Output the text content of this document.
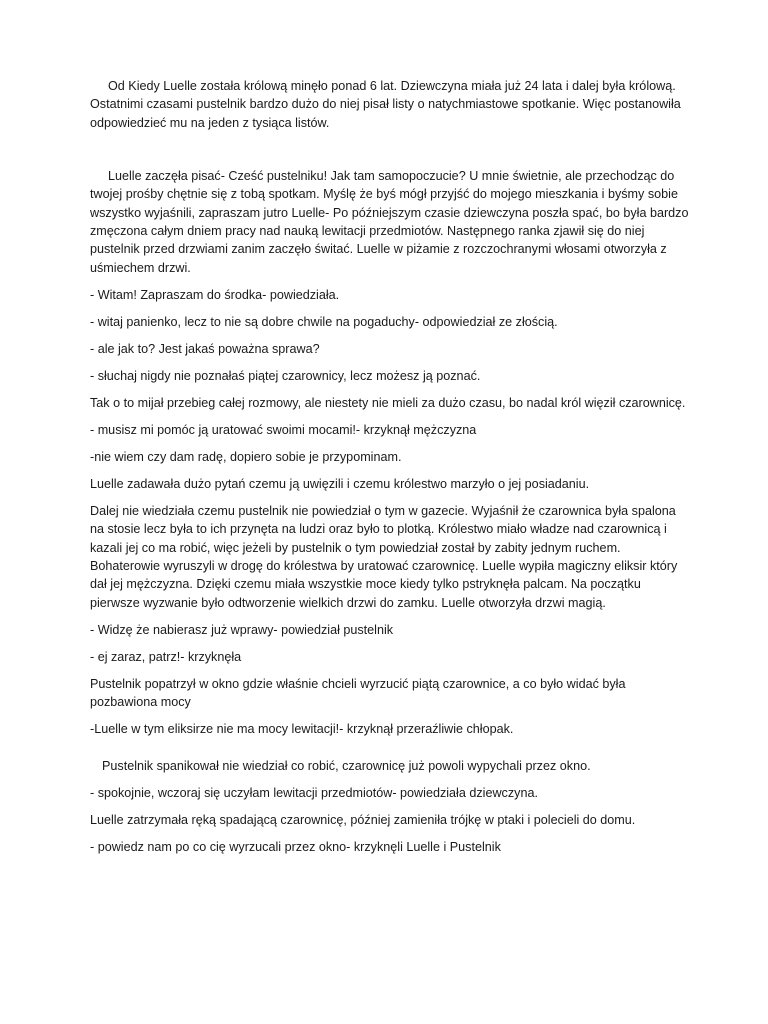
Od Kiedy Luelle została królową minęło ponad 6 lat. Dziewczyna miała już 24 lata i dalej była królową. Ostatnimi czasami pustelnik bardzo dużo do niej pisał listy o natychmiastowe spotkanie. Więc postanowiła odpowiedzieć mu na jeden z tysiąca listów.

Luelle zaczęła pisać- Cześć pustelniku! Jak tam samopoczucie? U mnie świetnie, ale przechodząc do twojej prośby chętnie się z tobą spotkam. Myślę że byś mógł przyjść do mojego mieszkania i byśmy sobie wszystko wyjaśnili, zapraszam jutro Luelle- Po późniejszym czasie dziewczyna poszła spać, bo była bardzo zmęczona całym dniem pracy nad nauką lewitacji przedmiotów. Następnego ranka zjawił się do niej pustelnik przed drzwiami zanim zaczęło świtać. Luelle w piżamie z rozczochranymi włosami otworzyła z uśmiechem drzwi.

- Witam! Zapraszam do środka- powiedziała.

- witaj panienko, lecz to nie są dobre chwile na pogaduchy- odpowiedział ze złością.

- ale jak to? Jest jakaś poważna sprawa?

- słuchaj nigdy nie poznałaś piątej czarownicy, lecz możesz ją poznać.

Tak o to mijał przebieg całej rozmowy, ale niestety nie mieli za dużo czasu, bo nadal król więził czarownicę.

- musisz mi pomóc ją uratować swoimi mocami!- krzyknął mężczyzna

-nie wiem czy dam radę, dopiero sobie je przypominam.

Luelle zadawała dużo pytań czemu ją uwięzili i czemu królestwo marzyło o jej posiadaniu.

Dalej nie wiedziała czemu pustelnik nie powiedział o tym w gazecie. Wyjaśnił że czarownica była spalona na stosie lecz była to ich przynęta na ludzi oraz było to plotką. Królestwo miało władze nad czarownicą i kazali jej co ma robić, więc jeżeli by pustelnik o tym powiedział został by zabity jednym ruchem. Bohaterowie wyruszyli w drogę do królestwa by uratować czarownicę. Luelle wypiła magiczny eliksir który dał jej mężczyzna. Dzięki czemu miała wszystkie moce kiedy tylko pstryknęła palcam. Na początku pierwsze wyzwanie było odtworzenie wielkich drzwi do zamku. Luelle otworzyła drzwi magią.

- Widzę że nabierasz już wprawy- powiedział pustelnik

- ej zaraz, patrz!- krzyknęła

Pustelnik popatrzył w okno gdzie właśnie chcieli wyrzucić piątą czarownice, a co było widać była pozbawiona mocy

-Luelle w tym eliksirze nie ma mocy lewitacji!- krzyknął przeraźliwie chłopak.

Pustelnik spanikował nie wiedział co robić, czarownicę już powoli wypychali przez okno.

- spokojnie, wczoraj się uczyłam lewitacji przedmiotów- powiedziała dziewczyna.

Luelle zatrzymała ręką spadającą czarownicę, później zamieniła trójkę w ptaki i polecieli do domu.

- powiedz nam po co cię wyrzucali przez okno- krzyknęli Luelle i Pustelnik
